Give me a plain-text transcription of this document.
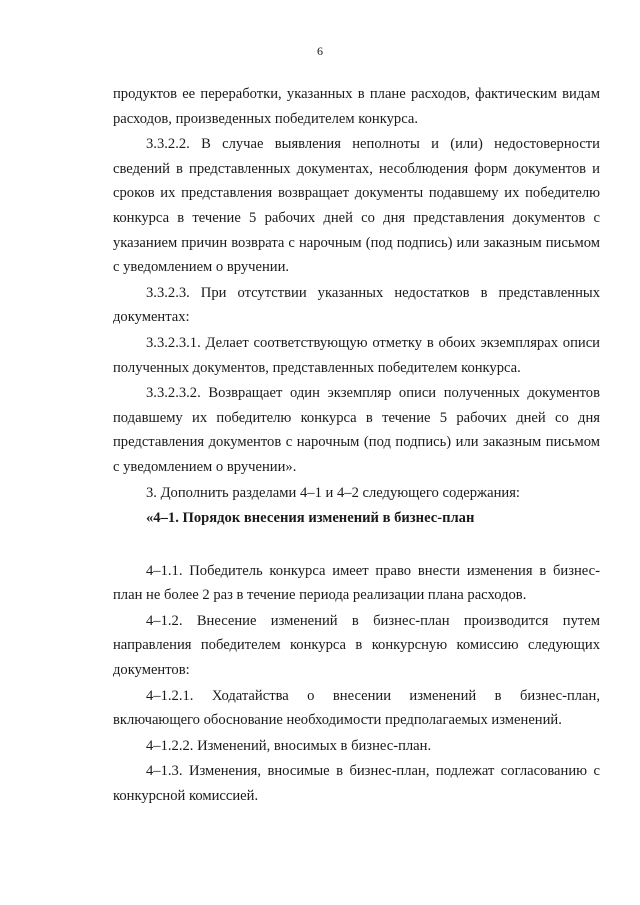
6

продуктов ее переработки, указанных в плане расходов, фактическим видам расходов, произведенных победителем конкурса.

3.3.2.2. В случае выявления неполноты и (или) недостоверности сведений в представленных документах, несоблюдения форм документов и сроков их представления возвращает документы подавшему их победителю конкурса в течение 5 рабочих дней со дня представления документов с указанием причин возврата с нарочным (под подпись) или заказным письмом с уведомлением о вручении.

3.3.2.3. При отсутствии указанных недостатков в представленных документах:

3.3.2.3.1. Делает соответствующую отметку в обоих экземплярах описи полученных документов, представленных победителем конкурса.

3.3.2.3.2. Возвращает один экземпляр описи полученных документов подавшему их победителю конкурса в течение 5 рабочих дней со дня представления документов с нарочным (под подпись) или заказным письмом с уведомлением о вручении».

3. Дополнить разделами 4–1 и 4–2 следующего содержания:

«4–1. Порядок внесения изменений в бизнес-план

4–1.1. Победитель конкурса имеет право внести изменения в бизнес-план не более 2 раз в течение периода реализации плана расходов.

4–1.2. Внесение изменений в бизнес-план производится путем направления победителем конкурса в конкурсную комиссию следующих документов:

4–1.2.1. Ходатайства о внесении изменений в бизнес-план, включающего обоснование необходимости предполагаемых изменений.

4–1.2.2. Изменений, вносимых в бизнес-план.

4–1.3. Изменения, вносимые в бизнес-план, подлежат согласованию с конкурсной комиссией.
